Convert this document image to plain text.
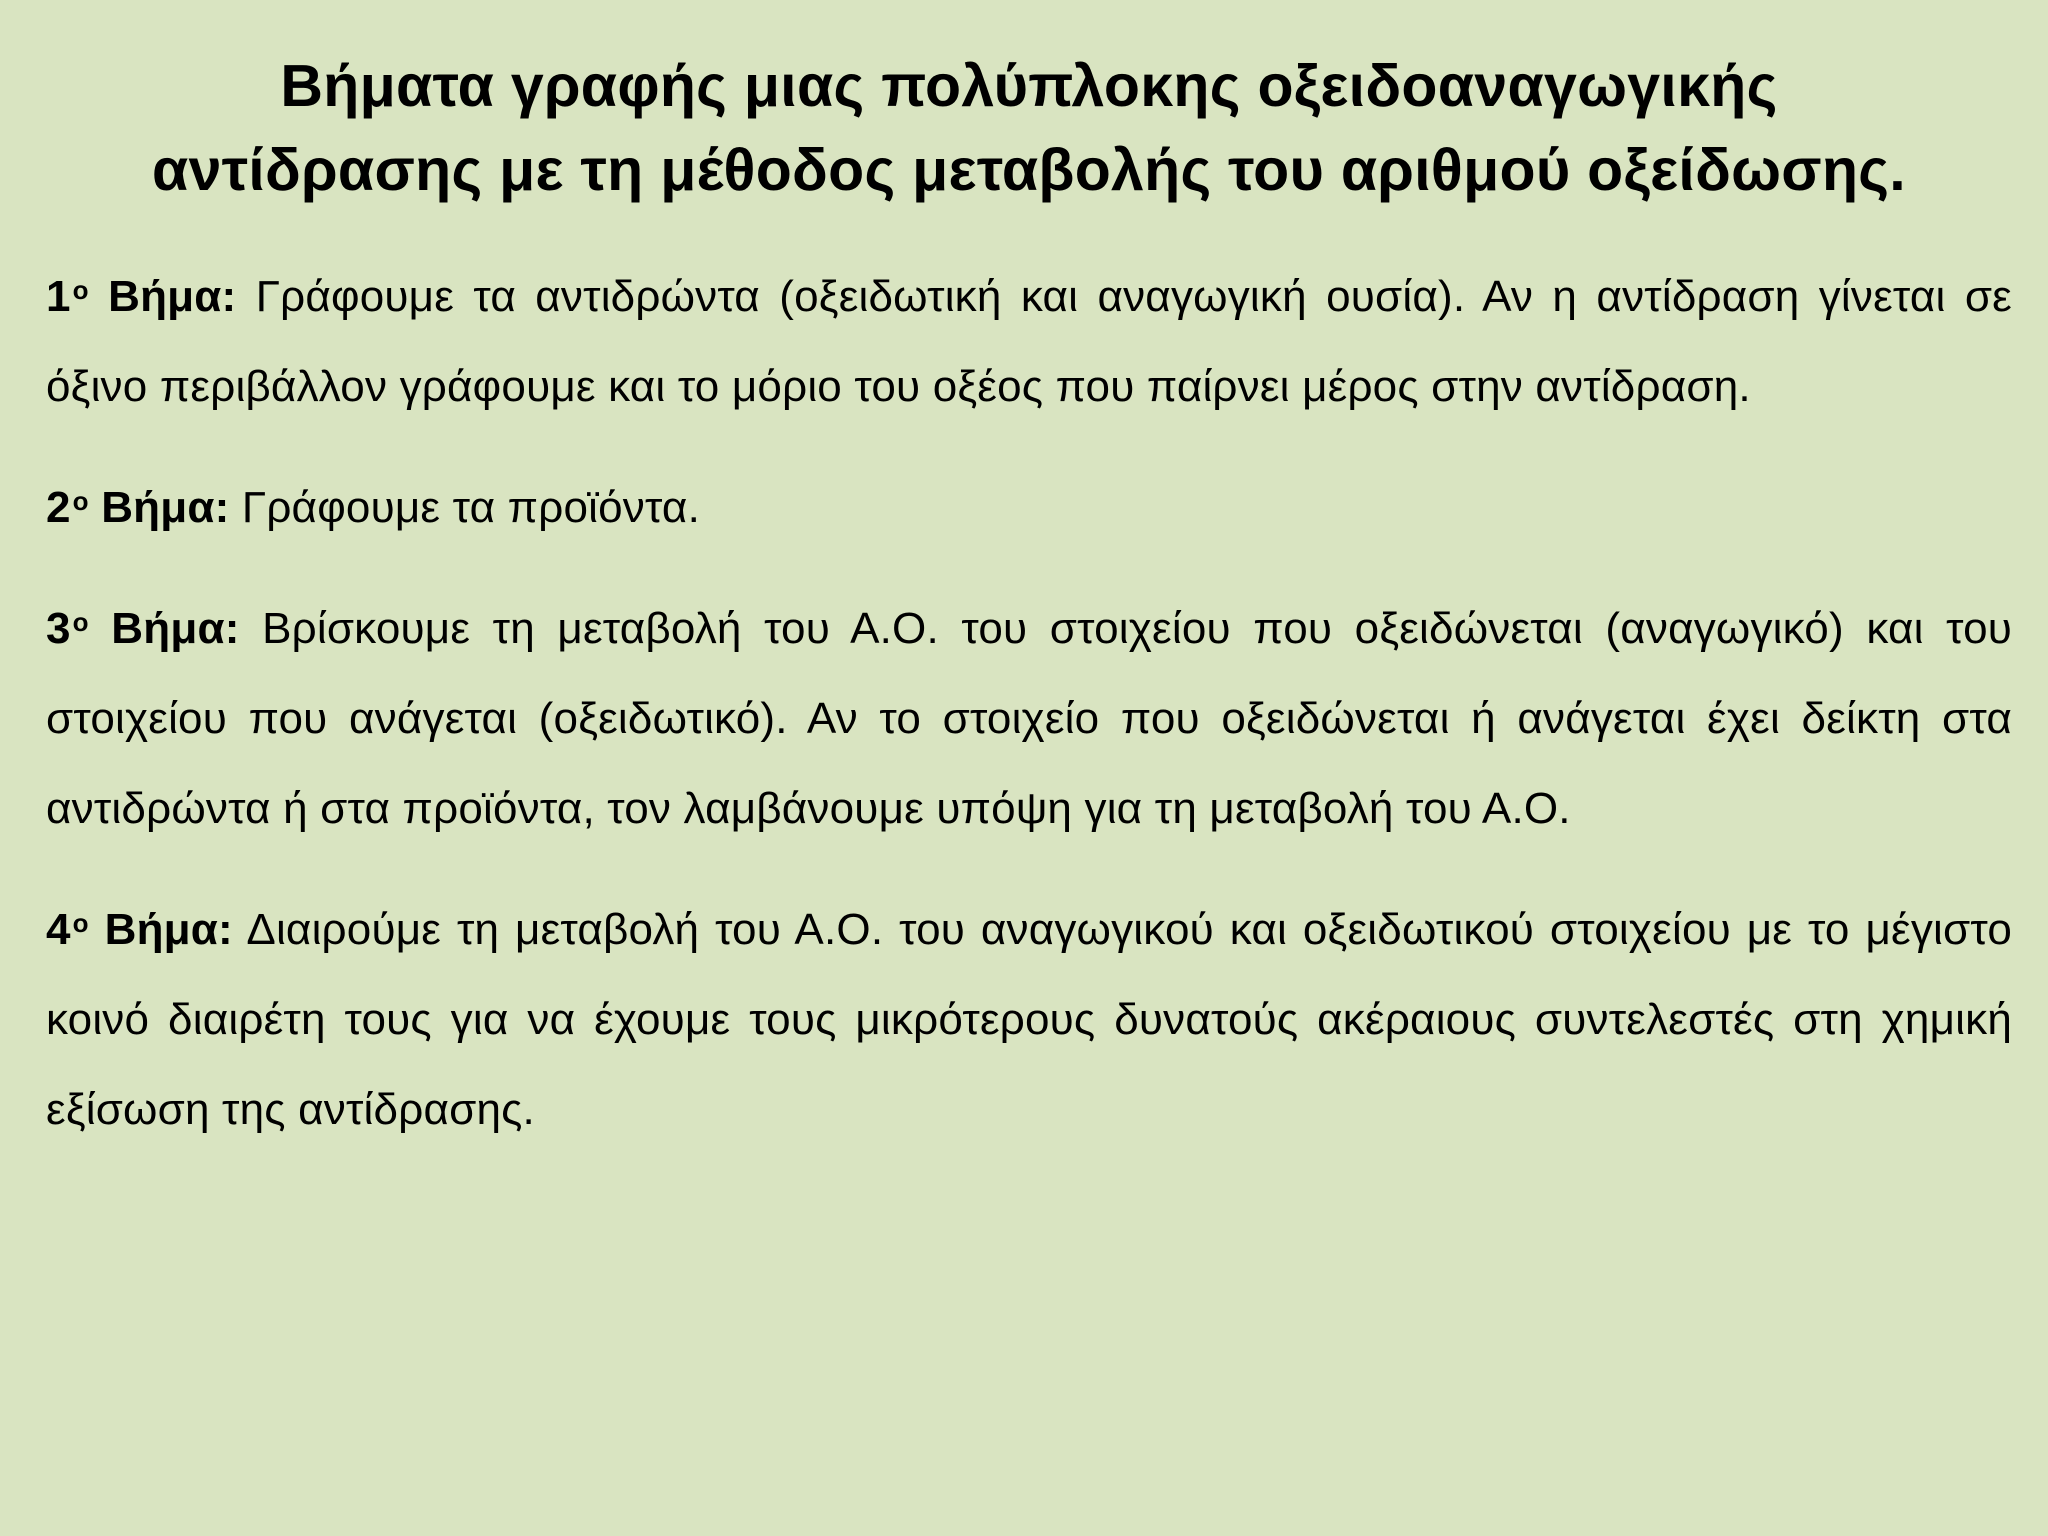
Βήματα γραφής μιας πολύπλοκης οξειδοαναγωγικής
αντίδρασης με τη μέθοδος μεταβολής του αριθμού οξείδωσης.

$1^o$ Βήμα: Γράφουμε τα αντιδρώντα (οξειδωτική και αναγωγική ουσία). Αν η αντίδραση γίνεται σε όξινο περιβάλλον γράφουμε και το μόριο του οξέος που παίρνει μέρος στην αντίδραση.

$2^o$ Βήμα: Γράφουμε τα προϊόντα.

$3^o$ Βήμα: Βρίσκουμε τη μεταβολή του Α.Ο. του στοιχείου που οξειδώνεται (αναγωγικό) και του στοιχείου που ανάγεται (οξειδωτικό). Αν το στοιχείο που οξειδώνεται ή ανάγεται έχει δείκτη στα αντιδρώντα ή στα προϊόντα, τον λαμβάνουμε υπόψη για τη μεταβολή του Α.Ο.

$4^o$ Βήμα: Διαιρούμε τη μεταβολή του Α.Ο. του αναγωγικού και οξειδωτικού στοιχείου με το μέγιστο κοινό διαιρέτη τους για να έχουμε τους μικρότερους δυνατούς ακέραιους συντελεστές στη χημική εξίσωση της αντίδρασης.
